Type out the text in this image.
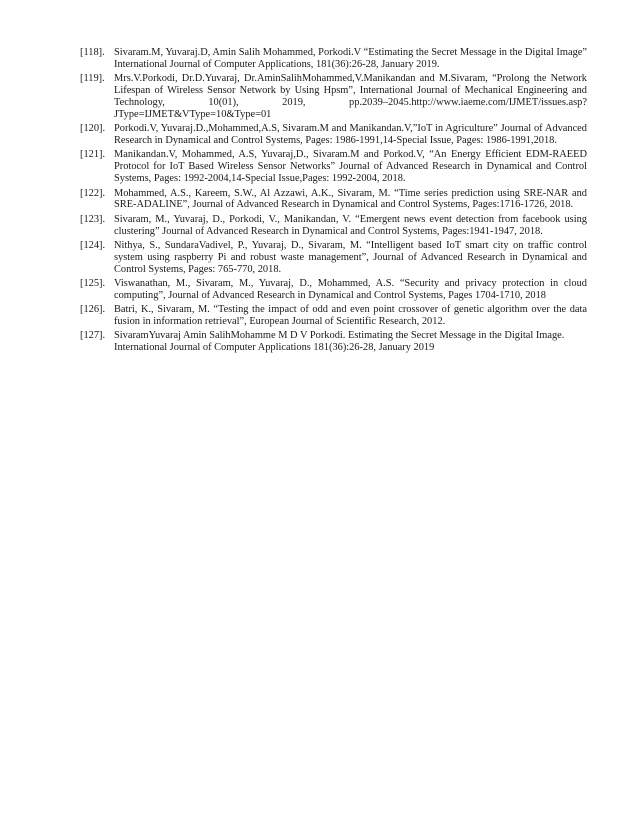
[118]. Sivaram.M, Yuvaraj.D, Amin Salih Mohammed, Porkodi.V “Estimating the Secret Message in the Digital Image” International Journal of Computer Applications, 181(36):26-28, January 2019.
[119]. Mrs.V.Porkodi, Dr.D.Yuvaraj, Dr.AminSalihMohammed,V.Manikandan and M.Sivaram, “Prolong the Network Lifespan of Wireless Sensor Network by Using Hpsm”, International Journal of Mechanical Engineering and Technology, 10(01), 2019, pp.2039–2045.http://www.iaeme.com/IJMET/issues.asp?JType=IJMET&VType=10&Type=01
[120]. Porkodi.V, Yuvaraj.D.,Mohammed,A.S, Sivaram.M and Manikandan.V,”IoT in Agriculture” Journal of Advanced Research in Dynamical and Control Systems, Pages: 1986-1991,14-Special Issue, Pages: 1986-1991,2018.
[121]. Manikandan.V, Mohammed, A.S, Yuvaraj,D., Sivaram.M and Porkod.V, “An Energy Efficient EDM-RAEED Protocol for IoT Based Wireless Sensor Networks” Journal of Advanced Research in Dynamical and Control Systems, Pages: 1992-2004,14-Special Issue,Pages: 1992-2004, 2018.
[122]. Mohammed, A.S., Kareem, S.W., Al Azzawi, A.K., Sivaram, M. “Time series prediction using SRE-NAR and SRE-ADALINE”, Journal of Advanced Research in Dynamical and Control Systems, Pages:1716-1726, 2018.
[123]. Sivaram, M., Yuvaraj, D., Porkodi, V., Manikandan, V. “Emergent news event detection from facebook using clustering” Journal of Advanced Research in Dynamical and Control Systems, Pages:1941-1947, 2018.
[124]. Nithya, S., SundaraVadivel, P., Yuvaraj, D., Sivaram, M. “Intelligent based IoT smart city on traffic control system using raspberry Pi and robust waste management”, Journal of Advanced Research in Dynamical and Control Systems, Pages: 765-770, 2018.
[125]. Viswanathan, M., Sivaram, M., Yuvaraj, D., Mohammed, A.S. “Security and privacy protection in cloud computing”, Journal of Advanced Research in Dynamical and Control Systems, Pages 1704-1710, 2018
[126]. Batri, K., Sivaram, M. “Testing the impact of odd and even point crossover of genetic algorithm over the data fusion in information retrieval”, European Journal of Scientific Research, 2012.
[127]. SivaramYuvaraj Amin SalihMohamme M D V Porkodi. Estimating the Secret Message in the Digital Image. International Journal of Computer Applications 181(36):26-28, January 2019
